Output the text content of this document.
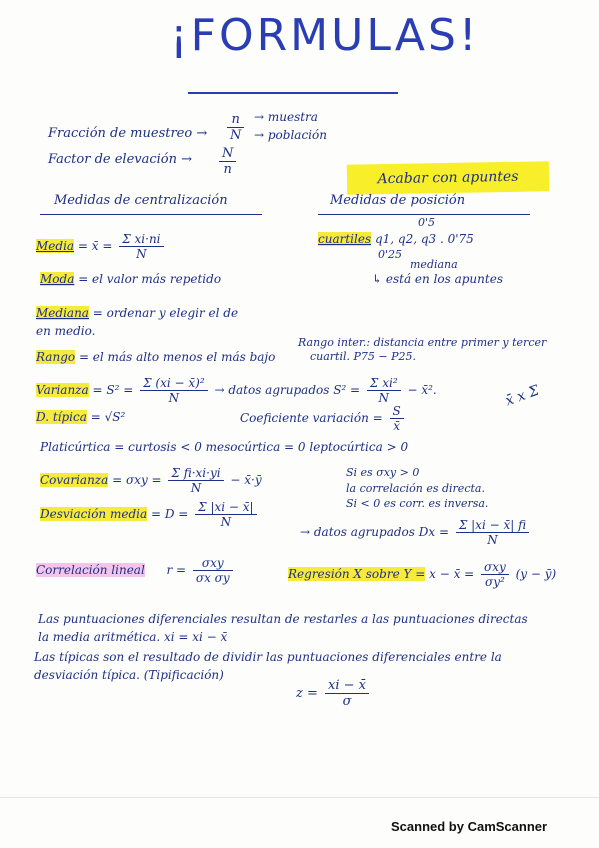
¡FORMULAS!
Fracción de muestreo → $\frac{n}{N}$ → muestra
→ población
Factor de elevación → $\frac{N}{n}$
Acabar con apuntes
Medidas de centralización	Medidas de posición
Media = x̄ = $\frac{\text{Σ xi·ni}}{N}$
0'5
cuartiles q1, q2, q3 . 0'75
0'25
mediana
↳ está en los apuntes
Moda = el valor más repetido
Mediana = ordenar y elegir el de
en medio.
Rango = el más alto menos el más bajo
Rango inter.: distancia entre primer y tercer
cuartil. P75 − P25.
Varianza = $S^2 = \frac{\text{Σ (xi − x̄)²}}{N}$ → datos agrupados $S^2 = \frac{\text{Σ xi²}}{N}$ − x̄².
D. típica = √S²	Coeficiente variación = $\frac{S}{x̄}$
x̄ x Σ
Platicúrtica = curtosis < 0 mesocúrtica = 0 leptocúrtica > 0
Covarianza = $\sigma xy = \frac{\text{Σ fi·xi·yi}}{N}$ − x̄·ȳ
Si es σxy > 0
la correlación es directa.
Si < 0 es corr. es inversa.
Desviación media = $D = \frac{\Sigma |xi - x̄|}{N}$
→ datos agrupados $Dx = \frac{\Sigma |xi - x̄| fi}{N}$
Correlación lineal $r = \frac{\text{σxy}}{\text{σx σy}}$	Regresión X sobre Y = x − x̄ = $\frac{\text{σxy}}{\text{σy²}} (y$ − ȳ)
Las puntuaciones diferenciales resultan de restarles a las puntuaciones directas
la media aritmética. xi = xi − x̄
Las típicas son el resultado de dividir las puntuaciones diferenciales entre la
desviación típica. (Tipificación)
$z = \frac{xi - x̄}{\sigma}$
Scanned by CamScanner
